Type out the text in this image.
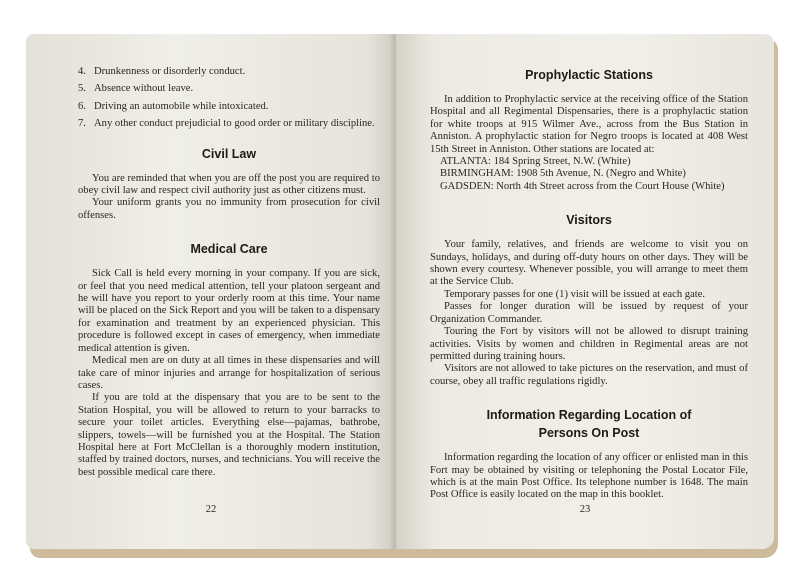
4. Drunkenness or disorderly conduct.
5. Absence without leave.
6. Driving an automobile while intoxicated.
7. Any other conduct prejudicial to good order or military discipline.
Civil Law

You are reminded that when you are off the post you are required to obey civil law and respect civil authority just as other citizens must.

Your uniform grants you no immunity from prosecution for civil offenses.

Medical Care

Sick Call is held every morning in your company. If you are sick, or feel that you need medical attention, tell your platoon sergeant and he will have you report to your orderly room at this time. Your name will be placed on the Sick Report and you will be taken to a dispensary for examination and treatment by an experienced physician. This procedure is followed except in cases of emergency, when immediate medical attention is given.

Medical men are on duty at all times in these dispensaries and will take care of minor injuries and arrange for hospitalization of serious cases.

If you are told at the dispensary that you are to be sent to the Station Hospital, you will be allowed to return to your barracks to secure your toilet articles. Everything else—pajamas, bathrobe, slippers, towels—will be furnished you at the Hospital. The Station Hospital here at Fort McClellan is a thoroughly modern institution, staffed by trained doctors, nurses, and technicians. You will receive the best possible medical care there.

22
Prophylactic Stations

In addition to Prophylactic service at the receiving office of the Station Hospital and all Regimental Dispensaries, there is a prophylactic station for white troops at 915 Wilmer Ave., across from the Bus Station in Anniston. A prophylactic station for Negro troops is located at 408 West 15th Street in Anniston. Other stations are located at:

ATLANTA: 184 Spring Street, N.W. (White)

BIRMINGHAM: 1908 5th Avenue, N. (Negro and White)

GADSDEN: North 4th Street across from the Court House (White)

Visitors

Your family, relatives, and friends are welcome to visit you on Sundays, holidays, and during off-duty hours on other days. They will be shown every courtesy. Whenever possible, you will arrange to meet them at the Service Club.

Temporary passes for one (1) visit will be issued at each gate.

Passes for longer duration will be issued by request of your Organization Commander.

Touring the Fort by visitors will not be allowed to disrupt training activities. Visits by women and children in Regimental areas are not permitted during training hours.

Visitors are not allowed to take pictures on the reservation, and must of course, obey all traffic regulations rigidly.

Information Regarding Location of
Persons On Post

Information regarding the location of any officer or enlisted man in this Fort may be obtained by visiting or telephoning the Postal Locator File, which is at the main Post Office. Its telephone number is 1648. The main Post Office is easily located on the map in this booklet.

23
